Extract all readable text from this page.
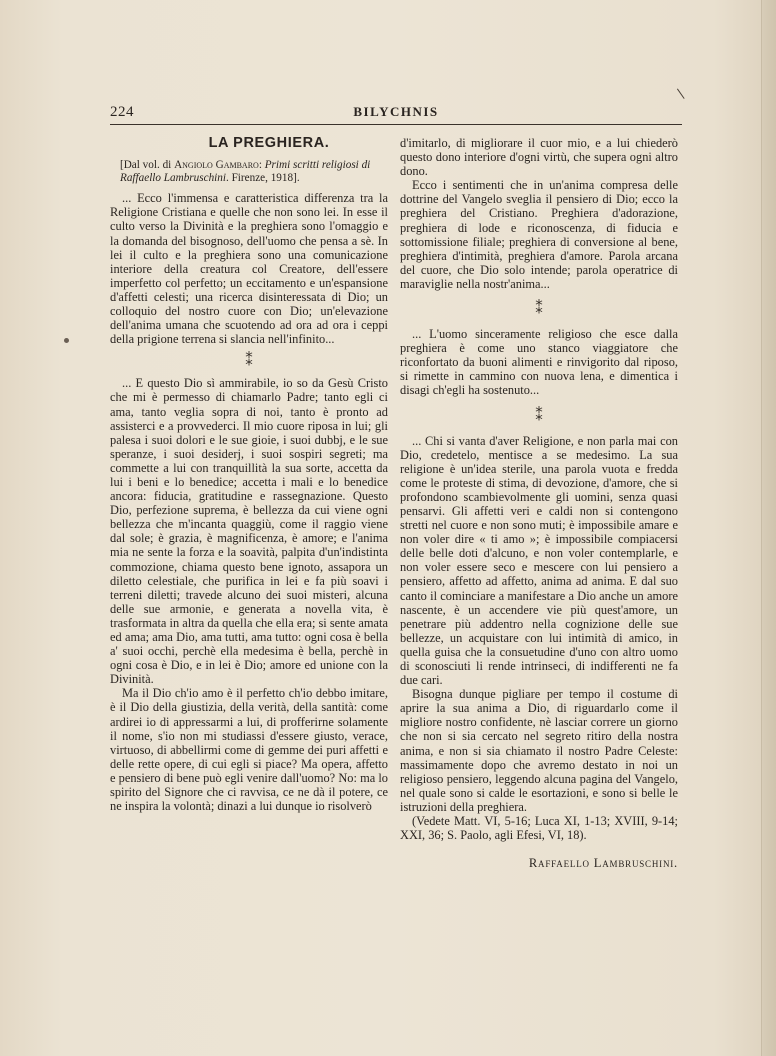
224	BILYCHNIS
LA PREGHIERA.
[Dal vol. di Angiolo Gambaro: Primi scritti religiosi di Raffaello Lambruschini. Firenze, 1918].

... Ecco l'immensa e caratteristica differenza tra la Religione Cristiana e quelle che non sono lei. In esse il culto verso la Divinità e la preghiera sono l'omaggio e la domanda del bisognoso, dell'uomo che pensa a sè. In lei il culto e la preghiera sono una comunicazione interiore della creatura col Creatore, dell'essere imperfetto col perfetto; un eccitamento e un'espansione d'affetti celesti; una ricerca disinteressata di Dio; un colloquio del nostro cuore con Dio; un'elevazione dell'anima umana che scuotendo ad ora ad ora i ceppi della prigione terrena si slancia nell'infinito...

⁑

... E questo Dio sì ammirabile, io so da Gesù Cristo che mi è permesso di chiamarlo Padre; tanto egli ci ama, tanto veglia sopra di noi, tanto è pronto ad assisterci e a provvederci. Il mio cuore riposa in lui; gli palesa i suoi dolori e le sue gioie, i suoi dubbj, e le sue speranze, i suoi desiderj, i suoi sospiri segreti; ma commette a lui con tranquillità la sua sorte, accetta da lui i beni e lo benedice; accetta i mali e lo benedice ancora: fiducia, gratitudine e rassegnazione. Questo Dio, perfezione suprema, è bellezza da cui viene ogni bellezza che m'incanta quaggiù, come il raggio viene dal sole; è grazia, è magnificenza, è amore; e l'anima mia ne sente la forza e la soavità, palpita d'un'indistinta commozione, chiama questo bene ignoto, assapora un diletto celestiale, che purifica in lei e fa più soavi i terreni diletti; travede alcuno dei suoi misteri, alcuna delle sue armonie, e generata a novella vita, è trasformata in altra da quella che ella era; si sente amata ed ama; ama Dio, ama tutti, ama tutto: ogni cosa è bella a' suoi occhi, perchè ella medesima è bella, perchè in ogni cosa è Dio, e in lei è Dio; amore ed unione con la Divinità.

Ma il Dio ch'io amo è il perfetto ch'io debbo imitare, è il Dio della giustizia, della verità, della santità: come ardirei io di appressarmi a lui, di profferirne solamente il nome, s'io non mi studiassi d'essere giusto, verace, virtuoso, di abbellirmi come di gemme dei puri affetti e delle rette opere, di cui egli si piace? Ma opera, affetto e pensiero di bene può egli venire dall'uomo? No: ma lo spirito del Signore che ci ravvisa, ce ne dà il potere, ce ne inspira la volontà; dinazi a lui dunque io risolverò

d'imitarlo, di migliorare il cuor mio, e a lui chiederò questo dono interiore d'ogni virtù, che supera ogni altro dono.

Ecco i sentimenti che in un'anima compresa delle dottrine del Vangelo sveglia il pensiero di Dio; ecco la preghiera del Cristiano. Preghiera d'adorazione, preghiera di lode e riconoscenza, di fiducia e sottomissione filiale; preghiera di conversione al bene, preghiera d'intimità, preghiera d'amore. Parola arcana del cuore, che Dio solo intende; parola operatrice di maraviglie nella nostr'anima...

⁑

... L'uomo sinceramente religioso che esce dalla preghiera è come uno stanco viaggiatore che riconfortato da buoni alimenti e rinvigorito dal riposo, si rimette in cammino con nuova lena, e dimentica i disagi ch'egli ha sostenuto...

⁑

... Chi si vanta d'aver Religione, e non parla mai con Dio, credetelo, mentisce a se medesimo. La sua religione è un'idea sterile, una parola vuota e fredda come le proteste di stima, di devozione, d'amore, che si profondono scambievolmente gli uomini, senza quasi pensarvi. Gli affetti veri e caldi non si contengono stretti nel cuore e non sono muti; è impossibile amare e non voler dire « ti amo »; è impossibile compiacersi delle belle doti d'alcuno, e non voler contemplarle, e non voler essere seco e mescere con lui pensiero a pensiero, affetto ad affetto, anima ad anima. E dal suo canto il cominciare a manifestare a Dio anche un amore nascente, è un accendere vie più quest'amore, un penetrare più addentro nella cognizione delle sue bellezze, un acquistare con lui intimità di amico, in quella guisa che la consuetudine d'uno con altro uomo di sconosciuti li rende intrinseci, di indifferenti ne fa due cari.

Bisogna dunque pigliare per tempo il costume di aprire la sua anima a Dio, di riguardarlo come il migliore nostro confidente, nè lasciar correre un giorno che non si sia cercato nel segreto ritiro della nostra anima, e non si sia chiamato il nostro Padre Celeste: massimamente dopo che avremo destato in noi un religioso pensiero, leggendo alcuna pagina del Vangelo, nel quale sono si calde le esortazioni, e sono si belle le istruzioni della preghiera.

(Vedete Matt. VI, 5-16; Luca XI, 1-13; XVIII, 9-14; XXI, 36; S. Paolo, agli Efesi, VI, 18).

Raffaello Lambruschini.
